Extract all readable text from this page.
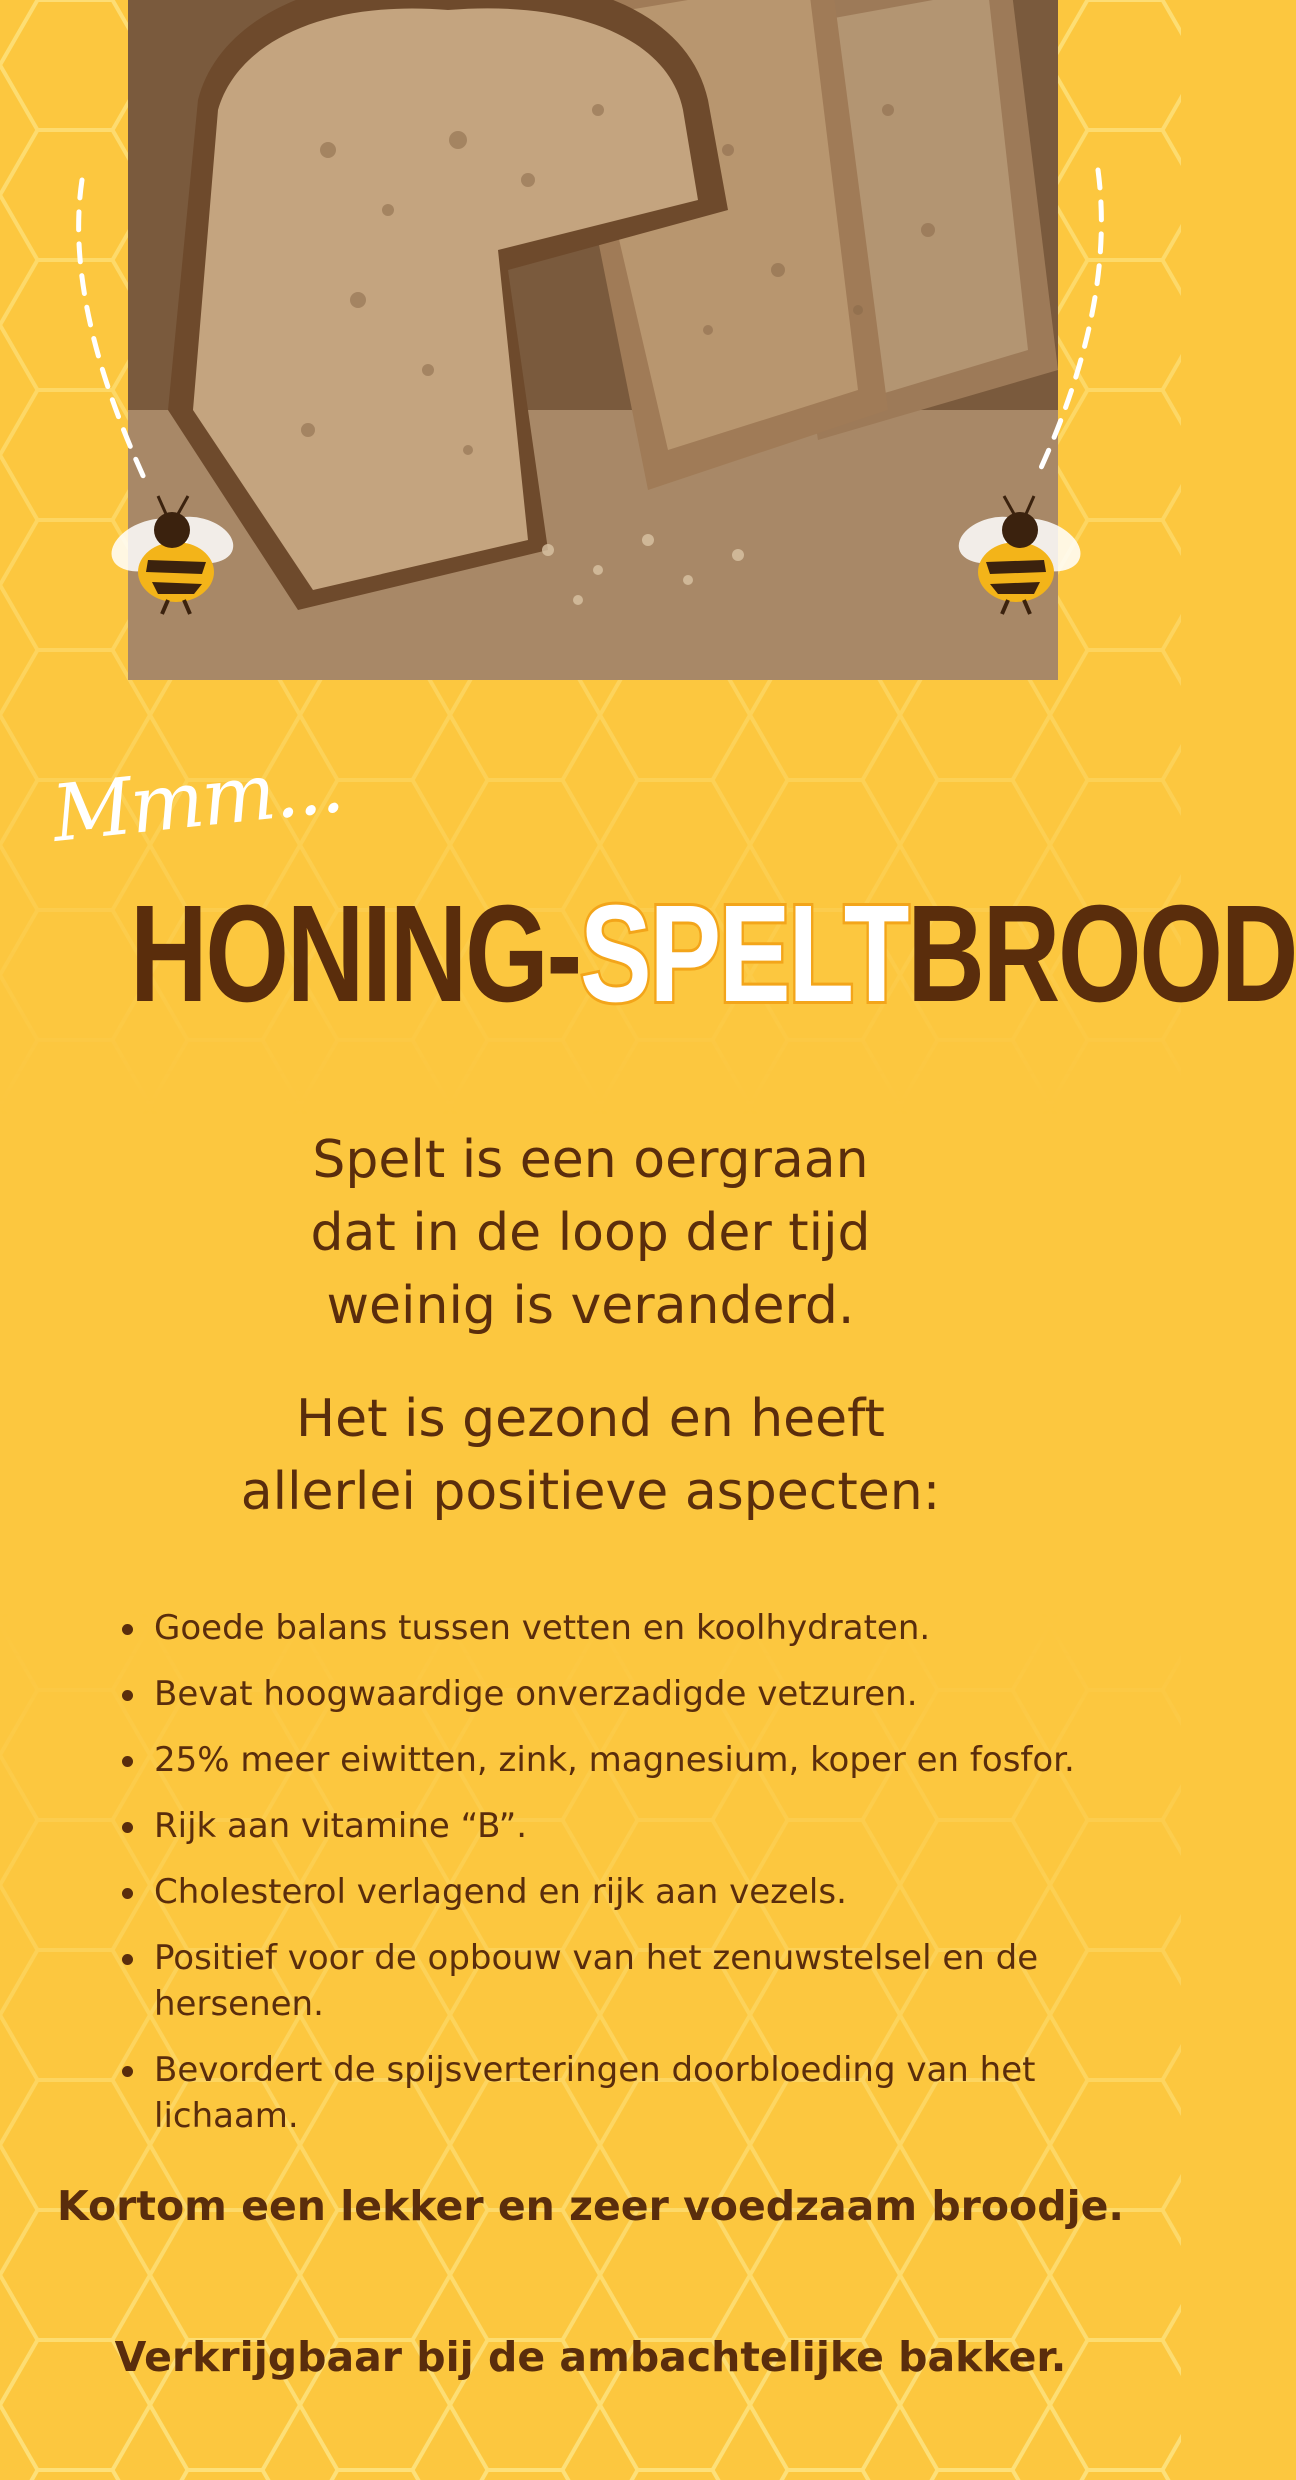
Mmm...
HONING-SPELTBROOD

Spelt is een oergraan

dat in de loop der tijd

weinig is veranderd.

Het is gezond en heeft

allerlei positieve aspecten:

Goede balans tussen vetten en koolhydraten.
Bevat hoogwaardige onverzadigde vetzuren.
25% meer eiwitten, zink, magnesium, koper en fosfor.
Rijk aan vitamine “B”.
Cholesterol verlagend en rijk aan vezels.
Positief voor de opbouw van het zenuwstelsel en de hersenen.
Bevordert de spijsverteringen doorbloeding van het lichaam.
Kortom een lekker en zeer voedzaam broodje.
Verkrijgbaar bij de ambachtelijke bakker.
